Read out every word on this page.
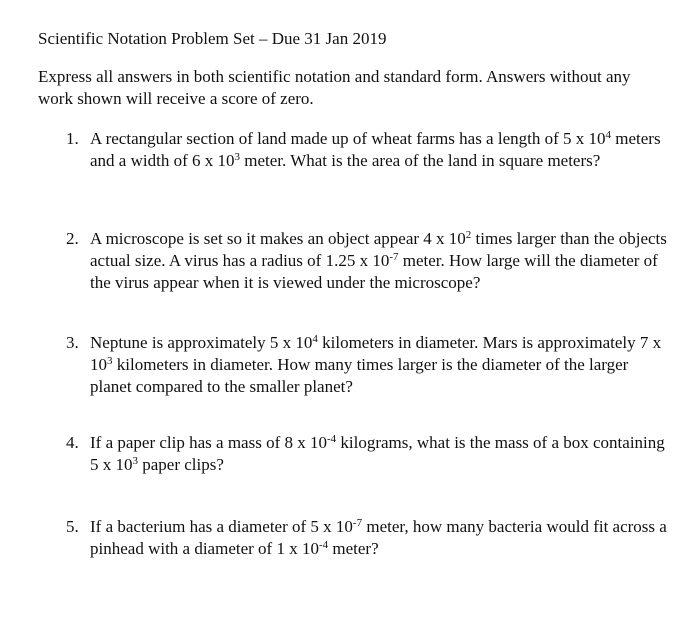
Scientific Notation Problem Set – Due 31 Jan 2019
Express all answers in both scientific notation and standard form. Answers without any work shown will receive a score of zero.
1. A rectangular section of land made up of wheat farms has a length of 5 x $10^4$ meters and a width of 6 x $10^3$ meter. What is the area of the land in square meters?
2. A microscope is set so it makes an object appear 4 x $10^2$ times larger than the objects actual size. A virus has a radius of 1.25 x $10^{-7}$ meter. How large will the diameter of the virus appear when it is viewed under the microscope?
3. Neptune is approximately 5 x $10^4$ kilometers in diameter. Mars is approximately 7 x $10^3$ kilometers in diameter. How many times larger is the diameter of the larger planet compared to the smaller planet?
4. If a paper clip has a mass of 8 x $10^{-4}$ kilograms, what is the mass of a box containing 5 x $10^3$ paper clips?
5. If a bacterium has a diameter of 5 x $10^{-7}$ meter, how many bacteria would fit across a pinhead with a diameter of 1 x $10^{-4}$ meter?
